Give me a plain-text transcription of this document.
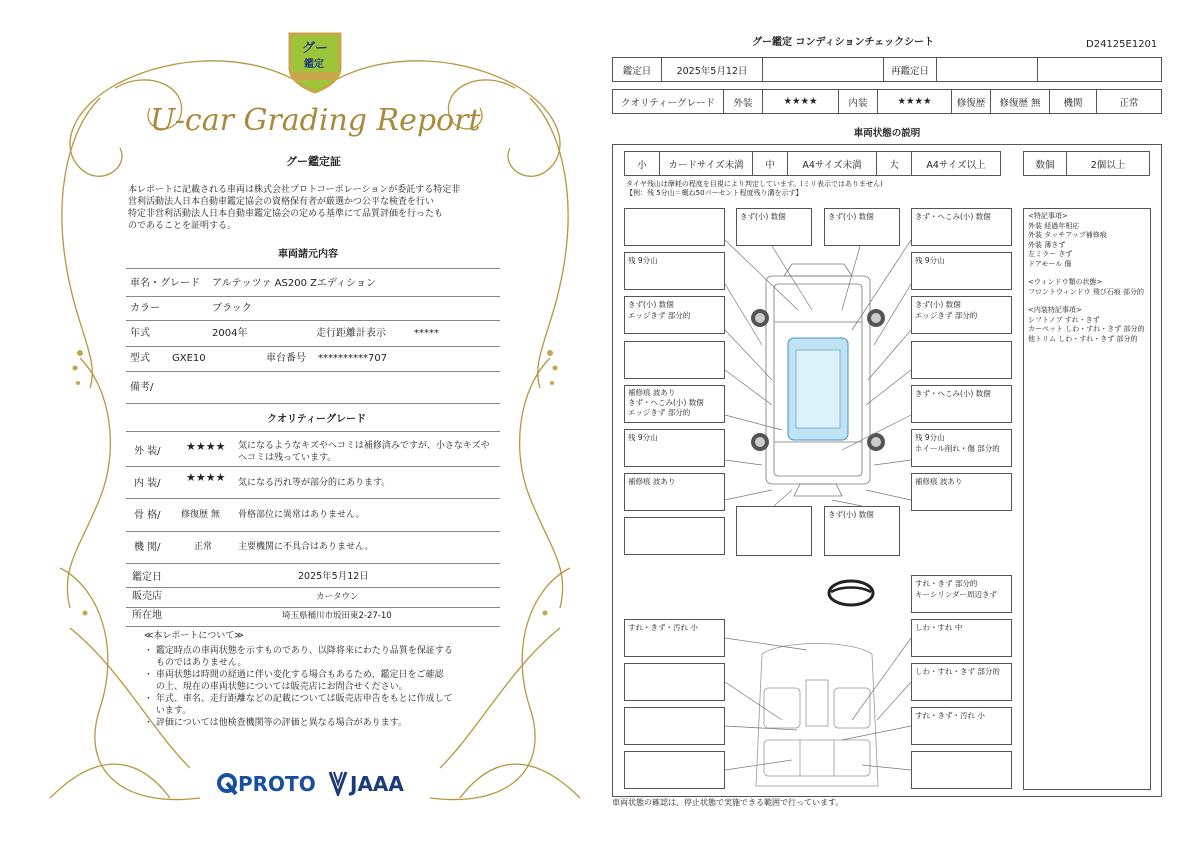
グー
鑑定
U-car Grading Report
グー鑑定証
本レポートに記載される車両は株式会社プロトコーポレーションが委託する特定非
営利活動法人日本自動車鑑定協会の資格保有者が厳選かつ公平な検査を行い
特定非営利活動法人日本自動車鑑定協会の定める基準にて品質評価を行ったも
のであることを証明する。
車両諸元内容
車名・グレード アルテッツァ AS200 Zエディション
カラー	ブラック
年式	2004年	走行距離計表示	*****
型式 GXE10	車台番号 **********707
備考/
クオリティーグレード
外 装/ ★★★★ 気になるようなキズやヘコミは補修済みですが、小さなキズや
ヘコミは残っています。
内 装/ ★★★★ 気になる汚れ等が部分的にあります。
骨 格/ 修復歴 無 骨格部位に異常はありません。
機 関/	正常	主要機関に不具合はありません。
鑑定日	2025年5月12日
販売店	カータウン
所在地	埼玉県桶川市坂田東2-27-10
≪本レポートについて≫
・ 鑑定時点の車両状態を示すものであり、以降将来にわたり品質を保証する
　 ものではありません。
・ 車両状態は時間の経過に伴い変化する場合もあるため、鑑定日をご確認
　 の上、現在の車両状態については販売店にお問合せください。
・ 年式、車名、走行距離などの記載については販売店申告をもとに作成して
　 います。
・ 評価については他検査機関等の評価と異なる場合があります。
PROTO JAAA
グー鑑定 コンディションチェックシート	D24125E1201
鑑定日	2025年5月12日	再鑑定日
クオリティーグレード	外装	★★★★	内装	★★★★	修復歴	修復歴 無	機関	正常
車両状態の説明
小	カードサイズ未満	中	A4サイズ未満	大	A4サイズ以上	数個	2個以上
タイヤ残山は摩耗の程度を目視により判定しています。(ミリ表示ではありません)
【例：残 5分山＝概ね50パーセント程度残り溝を示す】
きず(小) 数個	きず(小) 数個	きず・へこみ(小) 数個
残 9分山	残 9分山
きず(小) 数個
エッジきず 部分的
きず(小) 数個
エッジきず 部分的
補修痕 波あり
きず・へこみ(小) 数個
エッジきず 部分的
きず・へこみ(小) 数個
残 9分山	残 9分山
ホイール削れ・傷 部分的
補修痕 波あり	補修痕 波あり
きず(小) 数個
すれ・きず 部分的
キーシリンダー周辺きず
すれ・きず・汚れ 小	しわ・すれ 中
しわ・すれ・きず 部分的
すれ・きず・汚れ 小
<特記事項>
外装 経過年相応
外装 タッチアップ補修痕
外装 薄きず
左ミラー きず
ドアモール 傷
<ウィンドウ類の状態>
フロントウィンドウ 飛び石痕 部分的
<内装特記事項>
シフトノブ すれ・きず
カーペット しわ・すれ・きず 部分的
他トリム しわ・すれ・きず 部分的
車両状態の確認は、停止状態で実施できる範囲で行っています。
